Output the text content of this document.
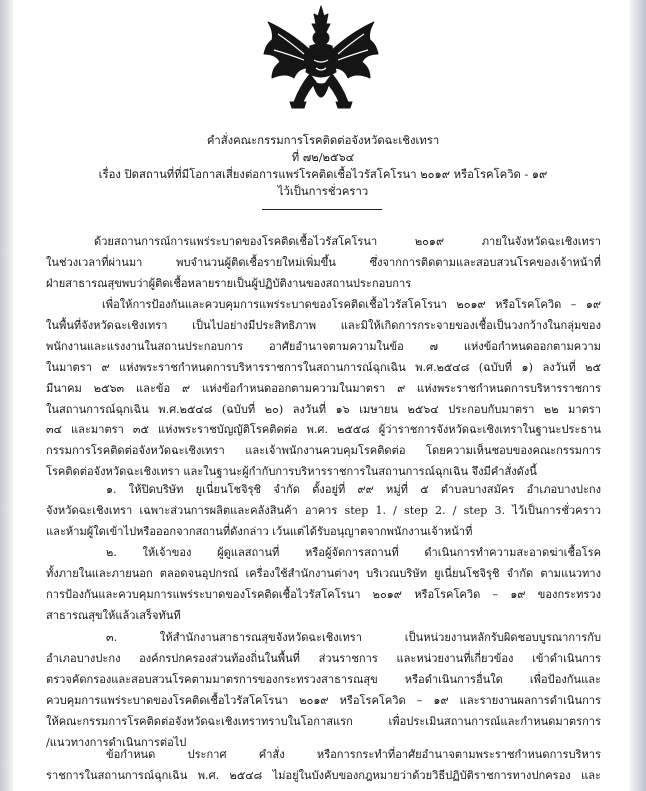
คำสั่งคณะกรรมการโรคติดต่อจังหวัดฉะเชิงเทรา
ที่ ๗๒/๒๕๖๔
เรื่อง ปิดสถานที่ที่มีโอกาสเสี่ยงต่อการแพร่โรคติดเชื้อไวรัสโคโรนา ๒๐๑๙ หรือโรคโควิด - ๑๙
ไว้เป็นการชั่วคราว
ด้วยสถานการณ์การแพร่ระบาดของโรคติดเชื้อไวรัสโคโรนา ๒๐๑๙ ภายในจังหวัดฉะเชิงเทรา
ในช่วงเวลาที่ผ่านมา พบจำนวนผู้ติดเชื้อรายใหม่เพิ่มขึ้น ซึ่งจากการติดตามและสอบสวนโรคของเจ้าหน้าที่
ฝ่ายสาธารณสุขพบว่าผู้ติดเชื้อหลายรายเป็นผู้ปฏิบัติงานของสถานประกอบการ
เพื่อให้การป้องกันและควบคุมการแพร่ระบาดของโรคติดเชื้อไวรัสโคโรนา ๒๐๑๙ หรือโรคโควิด – ๑๙
ในพื้นที่จังหวัดฉะเชิงเทรา เป็นไปอย่างมีประสิทธิภาพ และมิให้เกิดการกระจายของเชื้อเป็นวงกว้างในกลุ่มของ
พนักงานและแรงงานในสถานประกอบการ อาศัยอำนาจตามความในข้อ ๗ แห่งข้อกำหนดออกตามความ
ในมาตรา ๙ แห่งพระราชกำหนดการบริหารราชการในสถานการณ์ฉุกเฉิน พ.ศ.๒๕๔๘ (ฉบับที่ ๑) ลงวันที่ ๒๕
มีนาคม ๒๕๖๓ และข้อ ๙ แห่งข้อกำหนดออกตามความในมาตรา ๙ แห่งพระราชกำหนดการบริหารราชการ
ในสถานการณ์ฉุกเฉิน พ.ศ.๒๕๔๘ (ฉบับที่ ๒๐) ลงวันที่ ๑๖ เมษายน ๒๕๖๔ ประกอบกับมาตรา ๒๒ มาตรา
๓๔ และมาตรา ๓๕ แห่งพระราชบัญญัติโรคติดต่อ พ.ศ. ๒๕๕๘ ผู้ว่าราชการจังหวัดฉะเชิงเทราในฐานะประธาน
กรรมการโรคติดต่อจังหวัดฉะเชิงเทรา และเจ้าพนักงานควบคุมโรคติดต่อ โดยความเห็นชอบของคณะกรรมการ
โรคติดต่อจังหวัดฉะเชิงเทรา และในฐานะผู้กำกับการบริหารราชการในสถานการณ์ฉุกเฉิน จึงมีคำสั่งดังนี้
๑. ให้ปิดบริษัท ยูเนี่ยนโชจิรุชิ จำกัด ตั้งอยู่ที่ ๙๙ หมู่ที่ ๕ ตำบลบางสมัคร อำเภอบางปะกง
จังหวัดฉะเชิงเทรา เฉพาะส่วนการผลิตและคลังสินค้า อาคาร step 1. / step 2. / step 3. ไว้เป็นการชั่วคราว
และห้ามผู้ใดเข้าไปหรือออกจากสถานที่ดังกล่าว เว้นแต่ได้รับอนุญาตจากพนักงานเจ้าหน้าที่
๒. ให้เจ้าของ ผู้ดูแลสถานที่ หรือผู้จัดการสถานที่ ดำเนินการทำความสะอาดฆ่าเชื้อโรค
ทั้งภายในและภายนอก ตลอดจนอุปกรณ์ เครื่องใช้สำนักงานต่างๆ บริเวณบริษัท ยูเนี่ยนโชจิรุชิ จำกัด ตามแนวทาง
การป้องกันและควบคุมการแพร่ระบาดของโรคติดเชื้อไวรัสโคโรนา ๒๐๑๙ หรือโรคโควิด – ๑๙ ของกระทรวง
สาธารณสุขให้แล้วเสร็จทันที
๓. ให้สำนักงานสาธารณสุขจังหวัดฉะเชิงเทรา เป็นหน่วยงานหลักรับผิดชอบบูรณาการกับ
อำเภอบางปะกง องค์กรปกครองส่วนท้องถิ่นในพื้นที่ ส่วนราชการ และหน่วยงานที่เกี่ยวข้อง เข้าดำเนินการ
ตรวจคัดกรองและสอบสวนโรคตามมาตรการของกระทรวงสาธารณสุข หรือดำเนินการอื่นใด เพื่อป้องกันและ
ควบคุมการแพร่ระบาดของโรคติดเชื้อไวรัสโคโรนา ๒๐๑๙ หรือโรคโควิด – ๑๙ และรายงานผลการดำเนินการ
ให้คณะกรรมการโรคติดต่อจังหวัดฉะเชิงเทราทราบในโอกาสแรก เพื่อประเมินสถานการณ์และกำหนดมาตรการ
/แนวทางการดำเนินการต่อไป
ข้อกำหนด ประกาศ คำสั่ง หรือการกระทำที่อาศัยอำนาจตามพระราชกำหนดการบริหาร
ราชการในสถานการณ์ฉุกเฉิน พ.ศ. ๒๕๔๘ ไม่อยู่ในบังคับของกฎหมายว่าด้วยวิธีปฏิบัติราชการทางปกครอง และ
